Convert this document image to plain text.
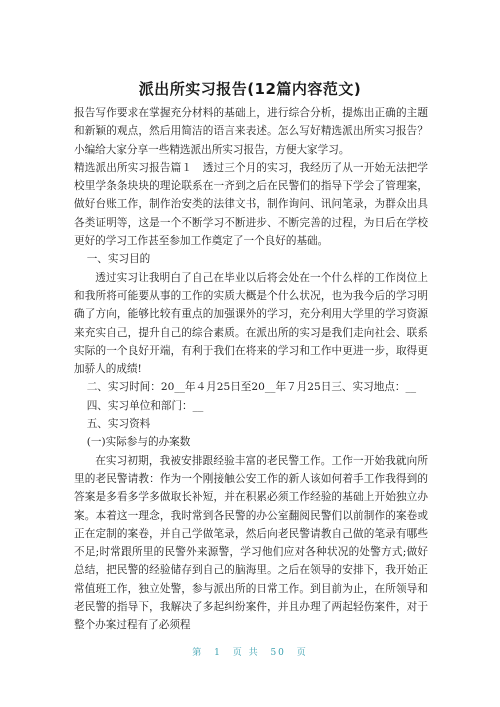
派出所实习报告(12篇内容范文)

报告写作要求在掌握充分材料的基础上，进行综合分析，提炼出正确的主题和新颖的观点，然后用简洁的语言来表述。怎么写好精选派出所实习报告？小编给大家分享一些精选派出所实习报告，方便大家学习。

精选派出所实习报告篇１　透过三个月的实习，我经历了从一开始无法把学校里学条条块块的理论联系在一齐到之后在民警们的指导下学会了管理案，做好台账工作，制作治安类的法律文书，制作询问、讯问笔录，为群众出具各类证明等，这是一个不断学习不断进步、不断完善的过程，为日后在学校更好的学习工作甚至参加工作奠定了一个良好的基础。

一、实习目的

透过实习让我明白了自己在毕业以后将会处在一个什么样的工作岗位上和我所将可能要从事的工作的实质大概是个什么状况，也为我今后的学习明确了方向，能够比较有重点的加强课外的学习，充分利用大学里的学习资源来充实自己，提升自己的综合素质。在派出所的实习是我们走向社会、联系实际的一个良好开端，有利于我们在将来的学习和工作中更进一步，取得更加骄人的成绩!

二、实习时间：20__年４月25日至20__年７月25日三、实习地点：__

四、实习单位和部门：__

五、实习资料

(一)实际参与的办案数

在实习初期，我被安排跟经验丰富的老民警工作。工作一开始我就向所里的老民警请教：作为一个刚接触公安工作的新人该如何着手工作我得到的答案是多看多学多做取长补短，并在积累必须工作经验的基础上开始独立办案。本着这一理念，我时常到各民警的办公室翻阅民警们以前制作的案卷或正在定制的案卷，并自己学做笔录，然后向老民警请教自己做的笔录有哪些不足;时常跟所里的民警外来源警，学习他们应对各种状况的处警方式;做好总结，把民警的经验储存到自己的脑海里。之后在领导的安排下，我开始正常值班工作，独立处警，参与派出所的日常工作。到目前为止，在所领导和老民警的指导下，我解决了多起纠纷案件，并且办理了两起轻伤案件，对于整个办案过程有了必须程

第 1 页 共 50 页
